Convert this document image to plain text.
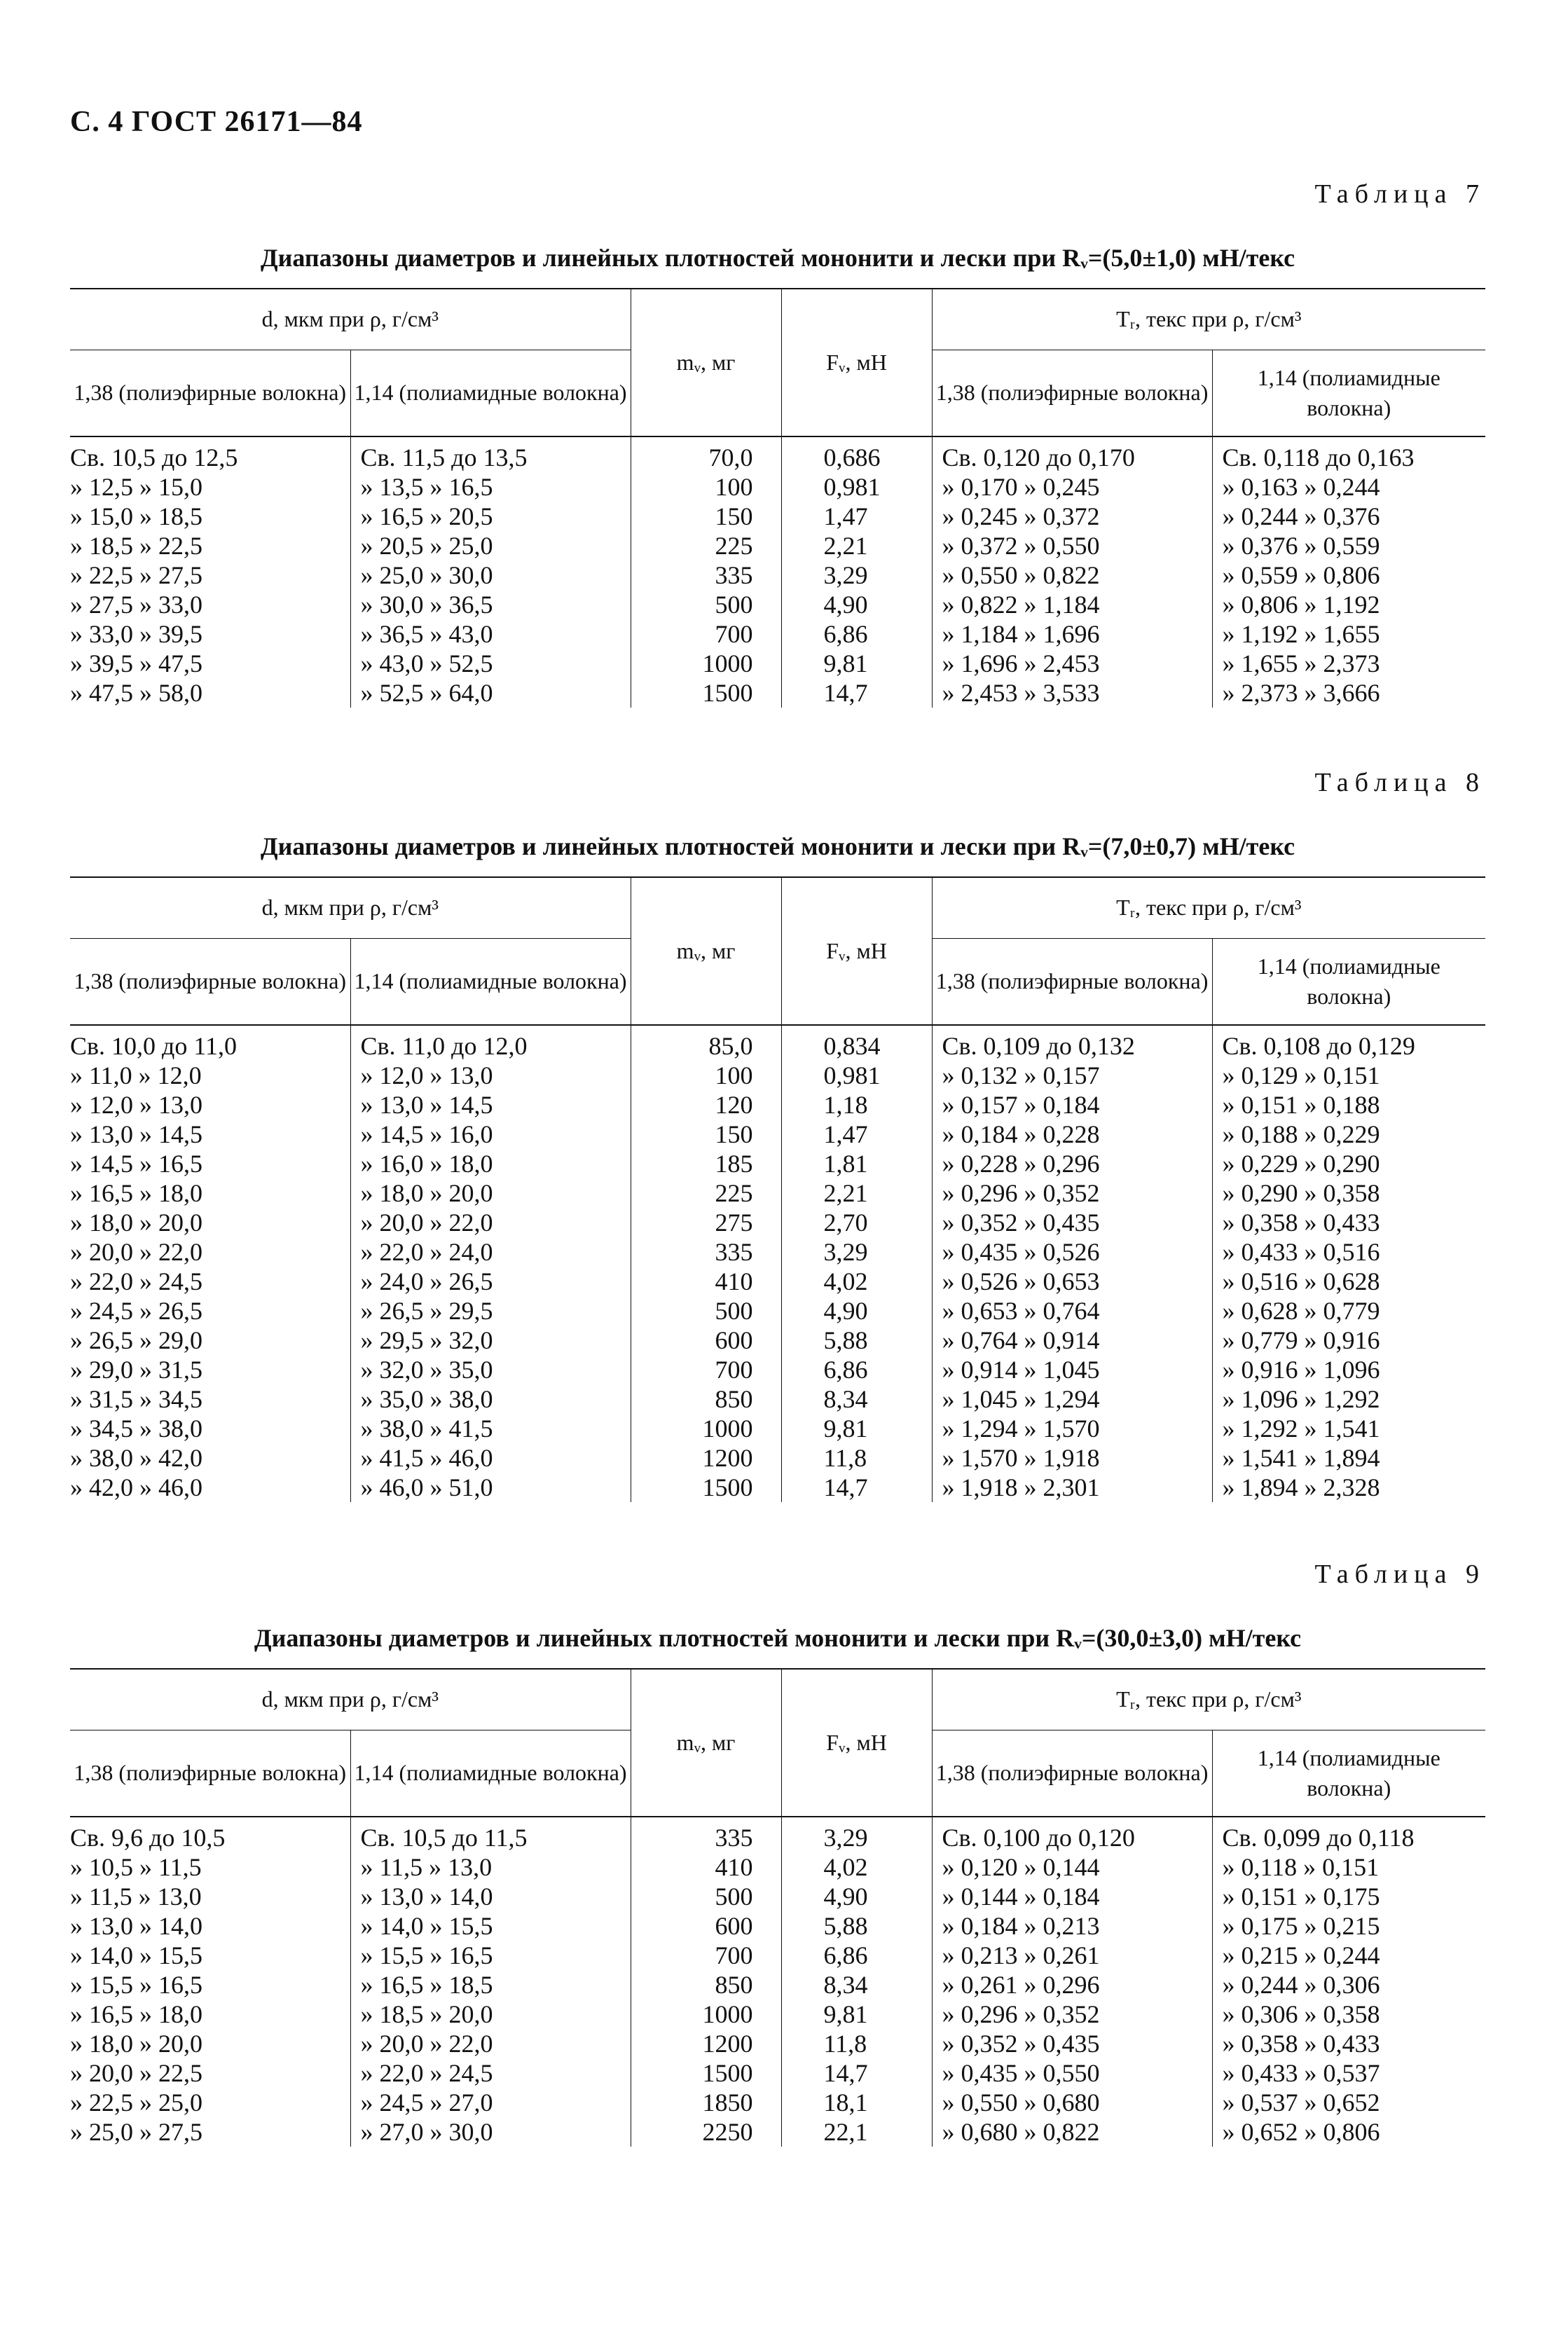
С. 4 ГОСТ 26171—84
Таблица 7
Диапазоны диаметров и линейных плотностей мононити и лески при Rᵥ=(5,0±1,0) мН/текс
d, мкм при ρ, г/см³		mᵥ, мг	Fᵥ, мН	Tᵣ, текс при ρ, г/см³	
1,38 (полиэфирные волокна)	1,14 (полиамидные волокна)			1,38 (полиэфирные волокна)	1,14 (полиамидные волокна)
Св. 10,5 до 12,5	Св. 11,5 до 13,5	70,0	0,686	Св. 0,120 до 0,170	Св. 0,118 до 0,163
» 12,5 » 15,0	» 13,5 » 16,5	100	0,981	» 0,170 » 0,245	» 0,163 » 0,244
» 15,0 » 18,5	» 16,5 » 20,5	150	1,47	» 0,245 » 0,372	» 0,244 » 0,376
» 18,5 » 22,5	» 20,5 » 25,0	225	2,21	» 0,372 » 0,550	» 0,376 » 0,559
» 22,5 » 27,5	» 25,0 » 30,0	335	3,29	» 0,550 » 0,822	» 0,559 » 0,806
» 27,5 » 33,0	» 30,0 » 36,5	500	4,90	» 0,822 » 1,184	» 0,806 » 1,192
» 33,0 » 39,5	» 36,5 » 43,0	700	6,86	» 1,184 » 1,696	» 1,192 » 1,655
» 39,5 » 47,5	» 43,0 » 52,5	1000	9,81	» 1,696 » 2,453	» 1,655 » 2,373
» 47,5 » 58,0	» 52,5 » 64,0	1500	14,7	» 2,453 » 3,533	» 2,373 » 3,666
Таблица 8
Диапазоны диаметров и линейных плотностей мононити и лески при Rᵥ=(7,0±0,7) мН/текс
d, мкм при ρ, г/см³		mᵥ, мг	Fᵥ, мН	Tᵣ, текс при ρ, г/см³	
1,38 (полиэфирные волокна)	1,14 (полиамидные волокна)			1,38 (полиэфирные волокна)	1,14 (полиамидные волокна)
Св. 10,0 до 11,0	Св. 11,0 до 12,0	85,0	0,834	Св. 0,109 до 0,132	Св. 0,108 до 0,129
» 11,0 » 12,0	» 12,0 » 13,0	100	0,981	» 0,132 » 0,157	» 0,129 » 0,151
» 12,0 » 13,0	» 13,0 » 14,5	120	1,18	» 0,157 » 0,184	» 0,151 » 0,188
» 13,0 » 14,5	» 14,5 » 16,0	150	1,47	» 0,184 » 0,228	» 0,188 » 0,229
» 14,5 » 16,5	» 16,0 » 18,0	185	1,81	» 0,228 » 0,296	» 0,229 » 0,290
» 16,5 » 18,0	» 18,0 » 20,0	225	2,21	» 0,296 » 0,352	» 0,290 » 0,358
» 18,0 » 20,0	» 20,0 » 22,0	275	2,70	» 0,352 » 0,435	» 0,358 » 0,433
» 20,0 » 22,0	» 22,0 » 24,0	335	3,29	» 0,435 » 0,526	» 0,433 » 0,516
» 22,0 » 24,5	» 24,0 » 26,5	410	4,02	» 0,526 » 0,653	» 0,516 » 0,628
» 24,5 » 26,5	» 26,5 » 29,5	500	4,90	» 0,653 » 0,764	» 0,628 » 0,779
» 26,5 » 29,0	» 29,5 » 32,0	600	5,88	» 0,764 » 0,914	» 0,779 » 0,916
» 29,0 » 31,5	» 32,0 » 35,0	700	6,86	» 0,914 » 1,045	» 0,916 » 1,096
» 31,5 » 34,5	» 35,0 » 38,0	850	8,34	» 1,045 » 1,294	» 1,096 » 1,292
» 34,5 » 38,0	» 38,0 » 41,5	1000	9,81	» 1,294 » 1,570	» 1,292 » 1,541
» 38,0 » 42,0	» 41,5 » 46,0	1200	11,8	» 1,570 » 1,918	» 1,541 » 1,894
» 42,0 » 46,0	» 46,0 » 51,0	1500	14,7	» 1,918 » 2,301	» 1,894 » 2,328
Таблица 9
Диапазоны диаметров и линейных плотностей мононити и лески при Rᵥ=(30,0±3,0) мН/текс
d, мкм при ρ, г/см³		mᵥ, мг	Fᵥ, мН	Tᵣ, текс при ρ, г/см³	
1,38 (полиэфирные волокна)	1,14 (полиамидные волокна)			1,38 (полиэфирные волокна)	1,14 (полиамидные волокна)
Св. 9,6 до 10,5	Св. 10,5 до 11,5	335	3,29	Св. 0,100 до 0,120	Св. 0,099 до 0,118
» 10,5 » 11,5	» 11,5 » 13,0	410	4,02	» 0,120 » 0,144	» 0,118 » 0,151
» 11,5 » 13,0	» 13,0 » 14,0	500	4,90	» 0,144 » 0,184	» 0,151 » 0,175
» 13,0 » 14,0	» 14,0 » 15,5	600	5,88	» 0,184 » 0,213	» 0,175 » 0,215
» 14,0 » 15,5	» 15,5 » 16,5	700	6,86	» 0,213 » 0,261	» 0,215 » 0,244
» 15,5 » 16,5	» 16,5 » 18,5	850	8,34	» 0,261 » 0,296	» 0,244 » 0,306
» 16,5 » 18,0	» 18,5 » 20,0	1000	9,81	» 0,296 » 0,352	» 0,306 » 0,358
» 18,0 » 20,0	» 20,0 » 22,0	1200	11,8	» 0,352 » 0,435	» 0,358 » 0,433
» 20,0 » 22,5	» 22,0 » 24,5	1500	14,7	» 0,435 » 0,550	» 0,433 » 0,537
» 22,5 » 25,0	» 24,5 » 27,0	1850	18,1	» 0,550 » 0,680	» 0,537 » 0,652
» 25,0 » 27,5	» 27,0 » 30,0	2250	22,1	» 0,680 » 0,822	» 0,652 » 0,806
